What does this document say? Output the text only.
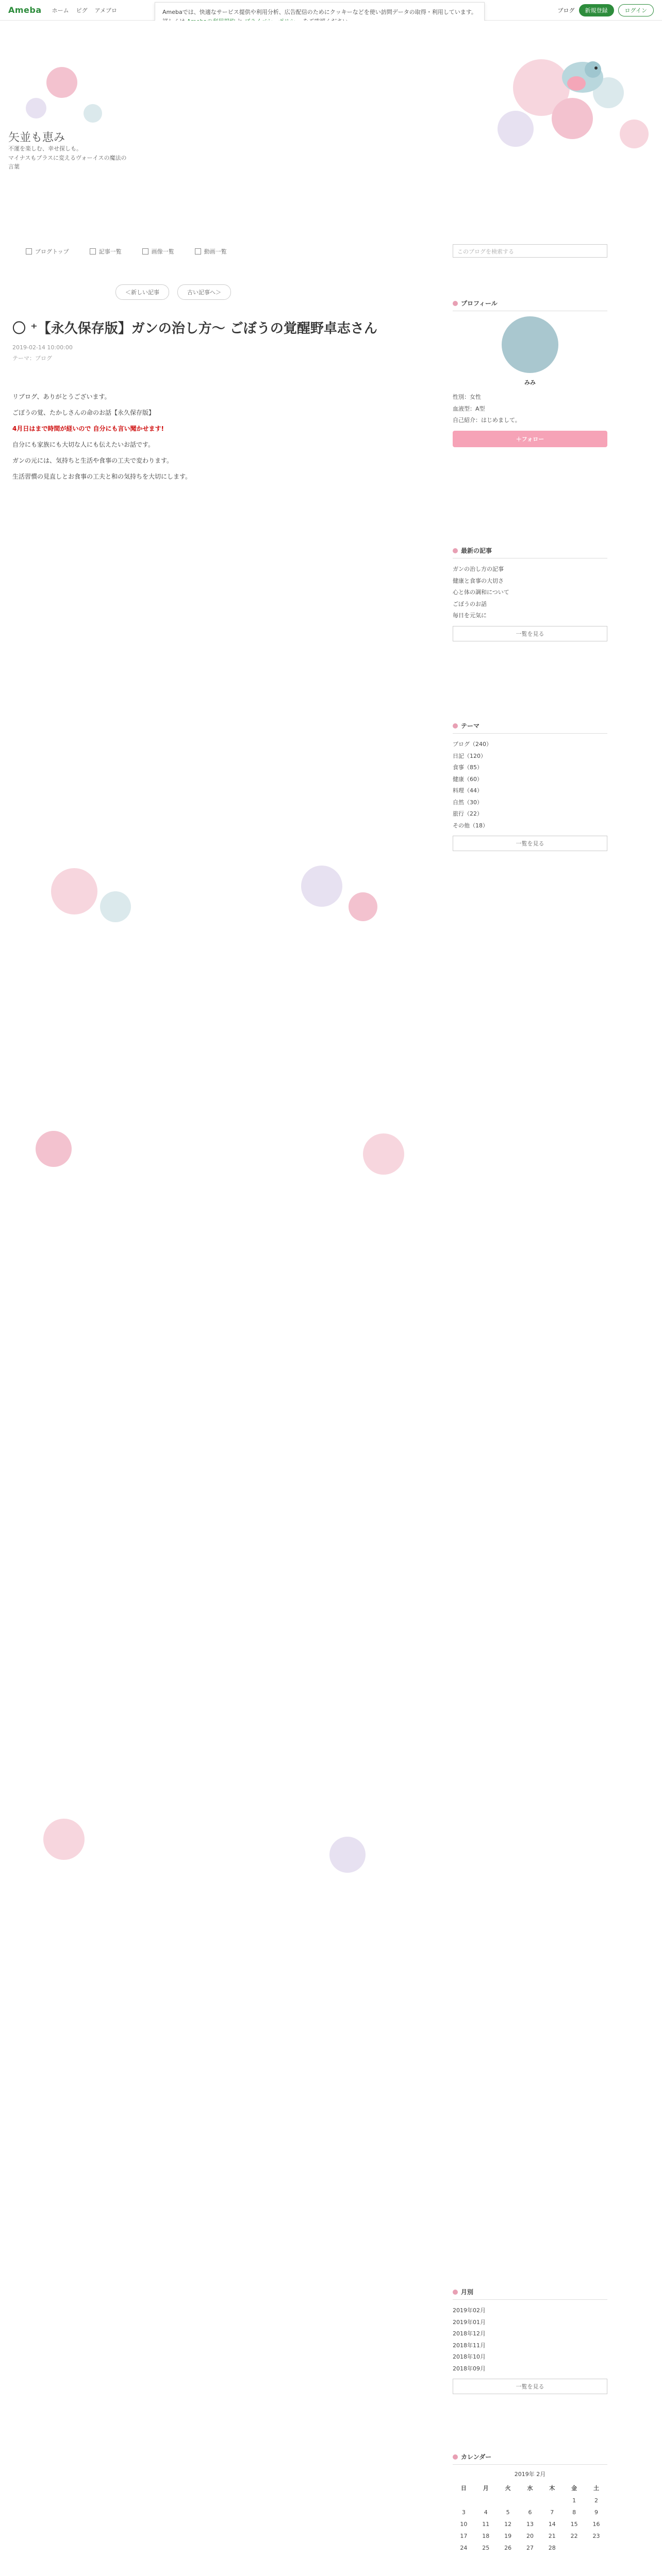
Ameba ホーム ピグ アメブロ	ブログ	新規登録	ログイン
Amebaでは、快適なサービス提供や利用分析、広告配信のためにクッキーなどを使い訪問データの取得・利用しています。
矢並も恵み
不運を楽しむ、幸せ探しも。
マイナスもプラスに変えるヴォーイスの魔法の言葉
ブログトップ	記事一覧	画像一覧	動画一覧	このブログを検索する
＜新しい記事	古い記事へ＞
〇 ⁺【永久保存版】ガンの治し方〜 ごぼうの覚醒野卓志さん
2019-02-14 10:00:00
テーマ：ブログ

リブログ、ありがとうございます。

ごぼうの覚、たかしさんの命のお話【永久保存版】

4月日はまで時間が経いので 自分にも言い聞かせます!

自分にも家族にも大切な人にも伝えたいお話です。

ガンの元には、気持ちと生活や食事の工夫で変わります。

生活習慣の見直しとお食事の工夫と和の気持ちを大切にします。

プロフィール
みみ
性別：女性
血液型：A型
自己紹介：はじめまして。
＋フォロー
最新の記事
ガンの治し方の記事
健康と食事の大切さ
心と体の調和について
ごぼうのお話
毎日を元気に
一覧を見る
テーマ
ブログ（240）
日記（120）
食事（85）
健康（60）
料理（44）
自然（30）
旅行（22）
その他（18）
一覧を見る
月別
2019年02月
2019年01月
2018年12月
2018年11月
2018年10月
2018年09月
一覧を見る
カレンダー
2019年 2月
日	月	火	水	木	金	土
					1	2
3	4	5	6	7	8	9
10	11	12	13	14	15	16
17	18	19	20	21	22	23
24	25	26	27	28		
